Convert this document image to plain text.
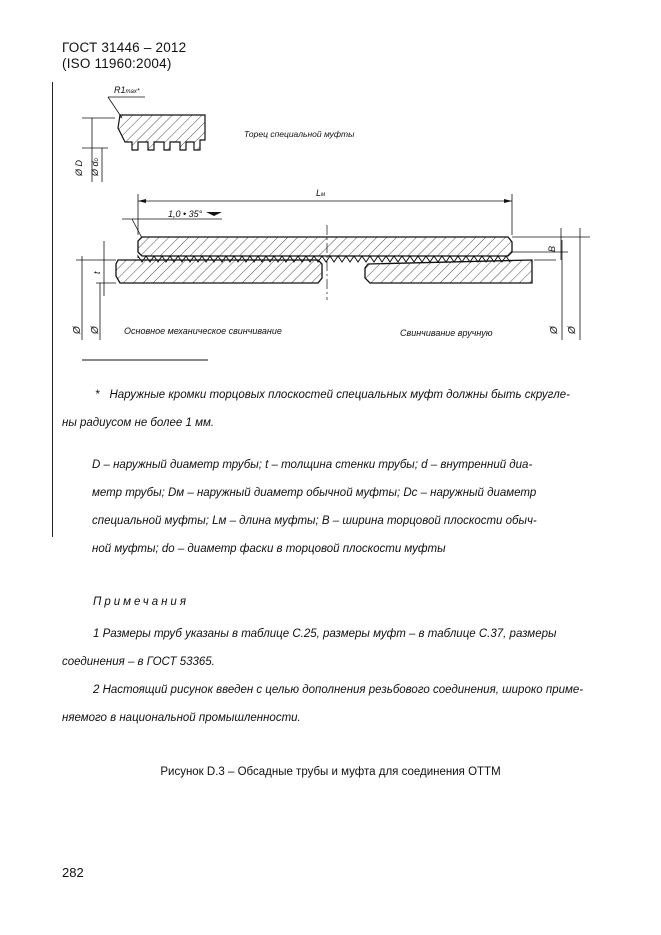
ГОСТ 31446 – 2012
(ISO 11960:2004)
R1max*
Ø D Ø dо
Торец специальной муфты
Lм
1,0 • 35°
B
Ø Ø
t
Ø Ø	Основное механическое свинчивание	Свинчивание вручную
* Наружные кромки торцовых плоскостей специальных муфт должны быть скругле-
ны радиусом не более 1 мм.
D – наружный диаметр трубы; t – толщина стенки трубы; d – внутренний диа-
метр трубы; Dм – наружный диаметр обычной муфты; Dс – наружный диаметр
специальной муфты; Lм – длина муфты; B – ширина торцовой плоскости обыч-
ной муфты; dо – диаметр фаски в торцовой плоскости муфты
Примечания
1 Размеры труб указаны в таблице С.25, размеры муфт – в таблице С.37, размеры
соединения – в ГОСТ 53365.
2 Настоящий рисунок введен с целью дополнения резьбового соединения, широко приме-
няемого в национальной промышленности.
Рисунок D.3 – Обсадные трубы и муфта для соединения ОТТМ
282
